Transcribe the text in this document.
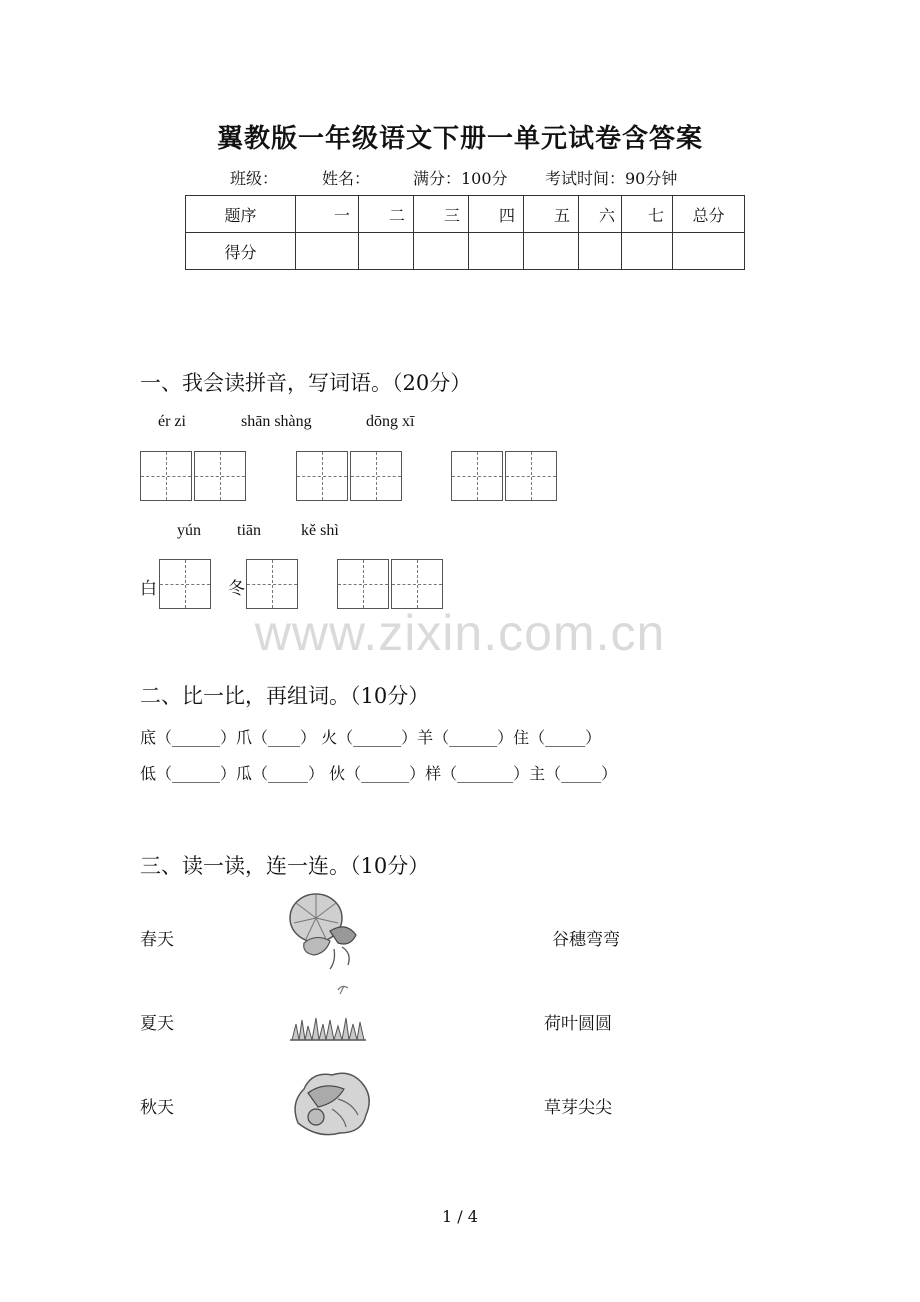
翼教版一年级语文下册一单元试卷含答案
班级：	姓名：	满分：100分 考试时间：90分钟
题序	一	二	三	四	五	六	七	总分
得分								
一、我会读拼音，写词语。（20分）
ér zi	shān shàng	dōng xī
yún tiān	kě shì
白	冬
www.zixin.com.cn
二、比一比，再组词。（10分）
底（______）爪（____） 火（______）羊（______）住（_____）
低（______）瓜（_____） 伙（______）样（_______）主（_____）
三、读一读，连一连。（10分）
春天
夏天
秋天
谷穗弯弯
荷叶圆圆
草芽尖尖
1 / 4
